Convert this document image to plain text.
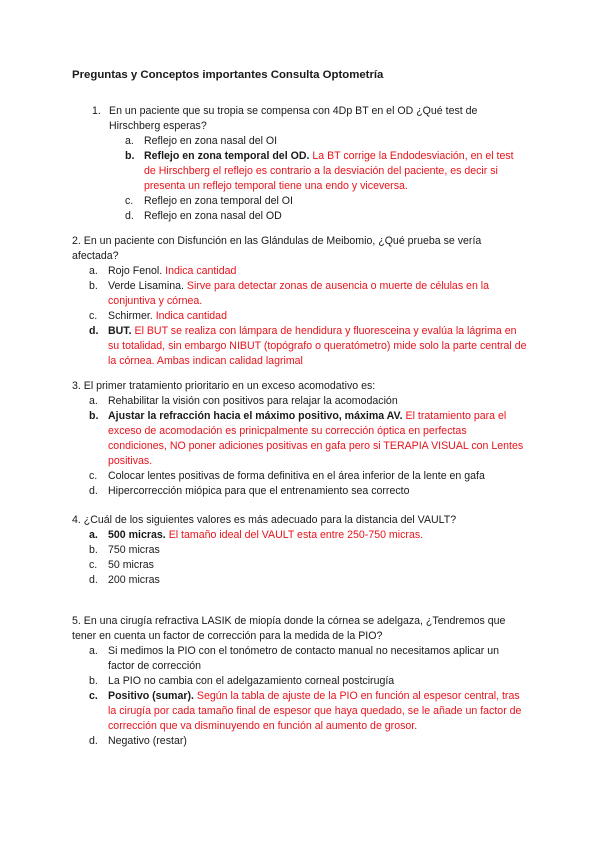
Preguntas y Conceptos importantes Consulta Optometría
1. En un paciente que su tropia se compensa con 4Dp BT en el OD ¿Qué test de Hirschberg esperas?
a. Reflejo en zona nasal del OI
b. Reflejo en zona temporal del OD. La BT corrige la Endodesviación, en el test de Hirschberg el reflejo es contrario a la desviación del paciente, es decir si presenta un reflejo temporal tiene una endo y viceversa.
c. Reflejo en zona temporal del OI
d. Reflejo en zona nasal del OD
2. En un paciente con Disfunción en las Glándulas de Meibomio, ¿Qué prueba se vería afectada?
a. Rojo Fenol. Indica cantidad
b. Verde Lisamina. Sirve para detectar zonas de ausencia o muerte de células en la conjuntiva y córnea.
c. Schirmer. Indica cantidad
d. BUT. El BUT se realiza con lámpara de hendidura y fluoresceina y evalúa la lágrima en su totalidad, sin embargo NIBUT (topógrafo o queratómetro) mide solo la parte central de la córnea. Ambas indican calidad lagrimal
3. El primer tratamiento prioritario en un exceso acomodativo es:
a. Rehabilitar la visión con positivos para relajar la acomodación
b. Ajustar la refracción hacia el máximo positivo, máxima AV. El tratamiento para el exceso de acomodación es prinicpalmente su corrección óptica en perfectas condiciones, NO poner adiciones positivas en gafa pero si TERAPIA VISUAL con Lentes positivas.
c. Colocar lentes positivas de forma definitiva en el área inferior de la lente en gafa
d. Hipercorrección miópica para que el entrenamiento sea correcto
4. ¿Cuál de los siguientes valores es más adecuado para la distancia del VAULT?
a. 500 micras. El tamaño ideal del VAULT esta entre 250-750 micras.
b. 750 micras
c. 50 micras
d. 200 micras
5. En una cirugía refractiva LASIK de miopía donde la córnea se adelgaza, ¿Tendremos que tener en cuenta un factor de corrección para la medida de la PIO?
a. Si medimos la PIO con el tonómetro de contacto manual no necesitamos aplicar un factor de corrección
b. La PIO no cambia con el adelgazamiento corneal postcirugía
c. Positivo (sumar). Según la tabla de ajuste de la PIO en función al espesor central, tras la cirugía por cada tamaño final de espesor que haya quedado, se le añade un factor de corrección que va disminuyendo en función al aumento de grosor.
d. Negativo (restar)
